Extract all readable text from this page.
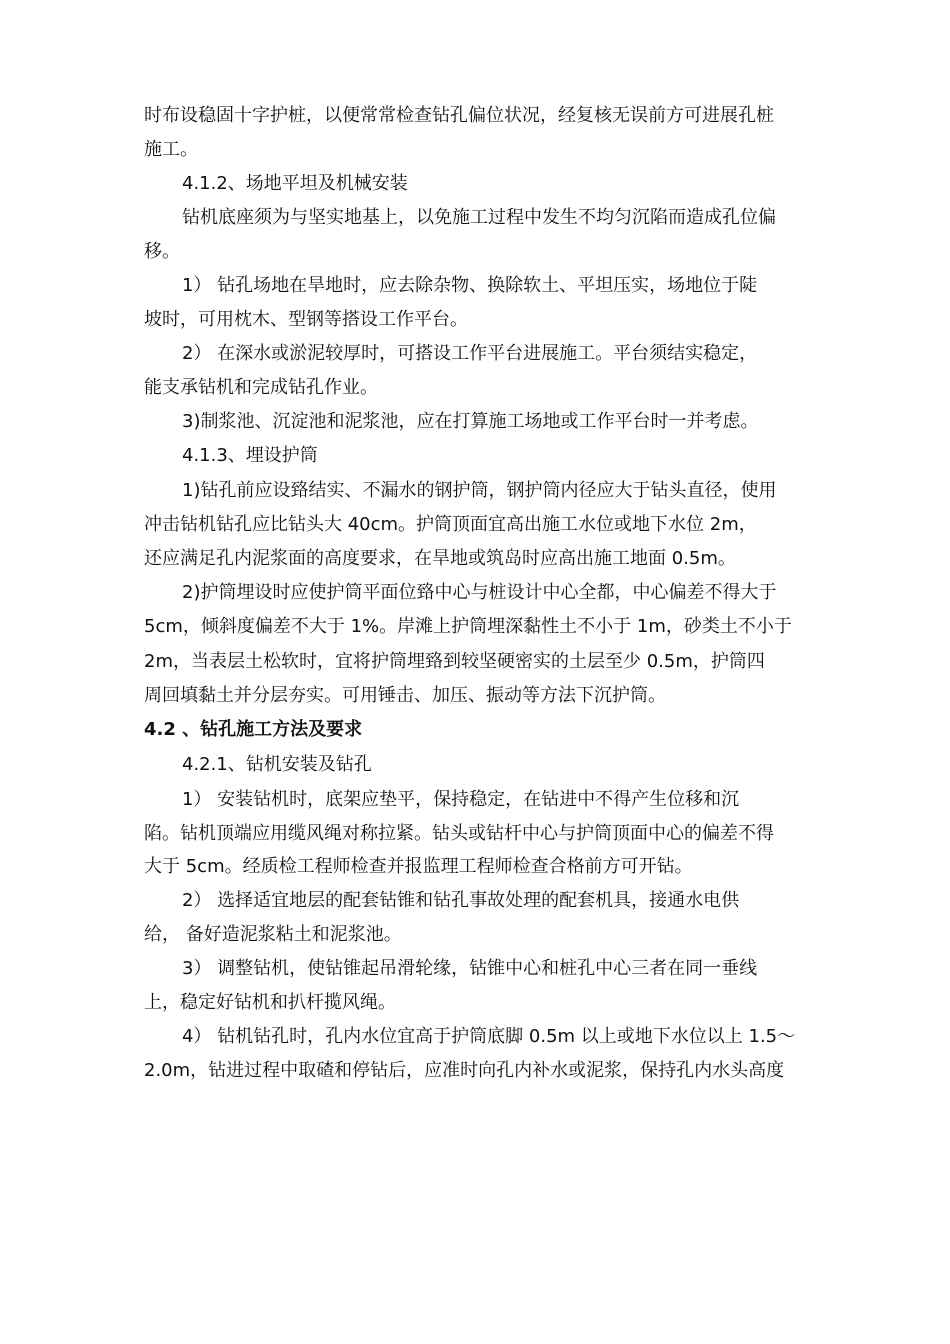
时布设稳固十字护桩，以便常常检查钻孔偏位状况，经复核无误前方可进展孔桩

施工。

4.1.2、场地平坦及机械安装

钻机底座须为与坚实地基上，以免施工过程中发生不均匀沉陷而造成孔位偏

移。

1） 钻孔场地在旱地时，应去除杂物、换除软土、平坦压实，场地位于陡

坡时，可用枕木、型钢等搭设工作平台。

2） 在深水或淤泥较厚时，可搭设工作平台进展施工。平台须结实稳定，

能支承钻机和完成钻孔作业。

3)制浆池、沉淀池和泥浆池，应在打算施工场地或工作平台时一并考虑。

4.1.3、埋设护筒

1)钻孔前应设臵结实、不漏水的钢护筒，钢护筒内径应大于钻头直径，使用

冲击钻机钻孔应比钻头大 40cm。护筒顶面宜高出施工水位或地下水位 2m，

还应满足孔内泥浆面的高度要求，在旱地或筑岛时应高出施工地面 0.5m。

2)护筒埋设时应使护筒平面位臵中心与桩设计中心全都，中心偏差不得大于

5cm，倾斜度偏差不大于 1%。岸滩上护筒埋深黏性土不小于 1m，砂类土不小于

2m，当表层土松软时，宜将护筒埋臵到较坚硬密实的土层至少 0.5m，护筒四

周回填黏土并分层夯实。可用锤击、加压、振动等方法下沉护筒。

4.2 、钻孔施工方法及要求

4.2.1、钻机安装及钻孔

1） 安装钻机时，底架应垫平，保持稳定，在钻进中不得产生位移和沉

陷。钻机顶端应用缆风绳对称拉紧。钻头或钻杆中心与护筒顶面中心的偏差不得

大于 5cm。经质检工程师检查并报监理工程师检查合格前方可开钻。

2） 选择适宜地层的配套钻锥和钻孔事故处理的配套机具，接通水电供

给， 备好造泥浆粘土和泥浆池。

3） 调整钻机，使钻锥起吊滑轮缘，钻锥中心和桩孔中心三者在同一垂线

上，稳定好钻机和扒杆揽风绳。

4） 钻机钻孔时，孔内水位宜高于护筒底脚 0.5m 以上或地下水位以上 1.5～

2.0m，钻进过程中取碴和停钻后，应准时向孔内补水或泥浆，保持孔内水头高度
